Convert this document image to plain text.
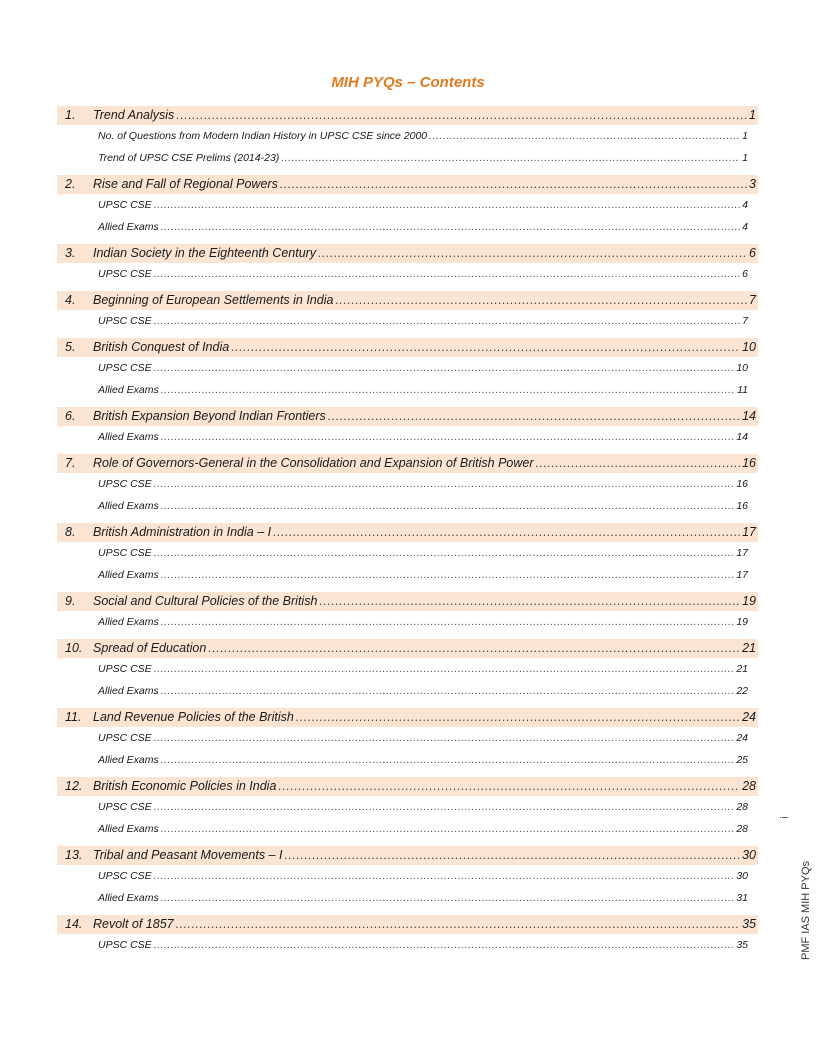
MIH PYQs – Contents
1.	Trend Analysis .....	1
No. of Questions from Modern Indian History in UPSC CSE since 2000 .....	1
Trend of UPSC CSE Prelims (2014-23) .....	1
2.	Rise and Fall of Regional Powers .....	3
UPSC CSE .....	4
Allied Exams .....	4
3.	Indian Society in the Eighteenth Century .....	6
UPSC CSE .....	6
4.	Beginning of European Settlements in India .....	7
UPSC CSE .....	7
5.	British Conquest of India .....	10
UPSC CSE .....	10
Allied Exams .....	11
6.	British Expansion Beyond Indian Frontiers .....	14
Allied Exams .....	14
7.	Role of Governors-General in the Consolidation and Expansion of British Power .....	16
UPSC CSE .....	16
Allied Exams .....	16
8.	British Administration in India – I .....	17
UPSC CSE .....	17
Allied Exams .....	17
9.	Social and Cultural Policies of the British .....	19
Allied Exams .....	19
10. Spread of Education .....	21
UPSC CSE .....	21
Allied Exams .....	22
11. Land Revenue Policies of the British .....	24
UPSC CSE .....	24
Allied Exams .....	25
12. British Economic Policies in India .....	28
UPSC CSE .....	28
Allied Exams .....	28
13. Tribal and Peasant Movements – I .....	30
UPSC CSE .....	30
Allied Exams .....	31
14. Revolt of 1857 .....	35
UPSC CSE .....	35
i
PMF IAS MIH PYQs
